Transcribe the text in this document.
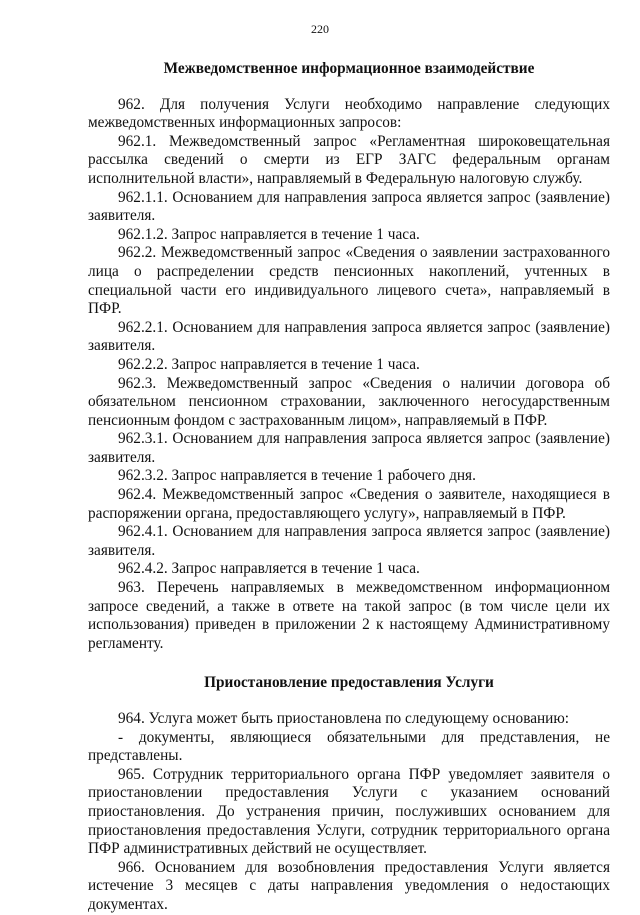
220
Межведомственное информационное взаимодействие

962. Для получения Услуги необходимо направление следующих межведомственных информационных запросов:

962.1. Межведомственный запрос «Регламентная широковещательная рассылка сведений о смерти из ЕГР ЗАГС федеральным органам исполнительной власти», направляемый в Федеральную налоговую службу.

962.1.1. Основанием для направления запроса является запрос (заявление) заявителя.

962.1.2. Запрос направляется в течение 1 часа.

962.2. Межведомственный запрос «Сведения о заявлении застрахованного лица о распределении средств пенсионных накоплений, учтенных в специальной части его индивидуального лицевого счета», направляемый в ПФР.

962.2.1. Основанием для направления запроса является запрос (заявление) заявителя.

962.2.2. Запрос направляется в течение 1 часа.

962.3. Межведомственный запрос «Сведения о наличии договора об обязательном пенсионном страховании, заключенного негосударственным пенсионным фондом с застрахованным лицом», направляемый в ПФР.

962.3.1. Основанием для направления запроса является запрос (заявление) заявителя.

962.3.2. Запрос направляется в течение 1 рабочего дня.

962.4. Межведомственный запрос «Сведения о заявителе, находящиеся в распоряжении органа, предоставляющего услугу», направляемый в ПФР.

962.4.1. Основанием для направления запроса является запрос (заявление) заявителя.

962.4.2. Запрос направляется в течение 1 часа.

963. Перечень направляемых в межведомственном информационном запросе сведений, а также в ответе на такой запрос (в том числе цели их использования) приведен в приложении 2 к настоящему Административному регламенту.

Приостановление предоставления Услуги

964. Услуга может быть приостановлена по следующему основанию:

- документы, являющиеся обязательными для представления, не представлены.

965. Сотрудник территориального органа ПФР уведомляет заявителя о приостановлении предоставления Услуги с указанием оснований приостановления. До устранения причин, послуживших основанием для приостановления предоставления Услуги, сотрудник территориального органа ПФР административных действий не осуществляет.

966. Основанием для возобновления предоставления Услуги является истечение 3 месяцев с даты направления уведомления о недостающих документах.
